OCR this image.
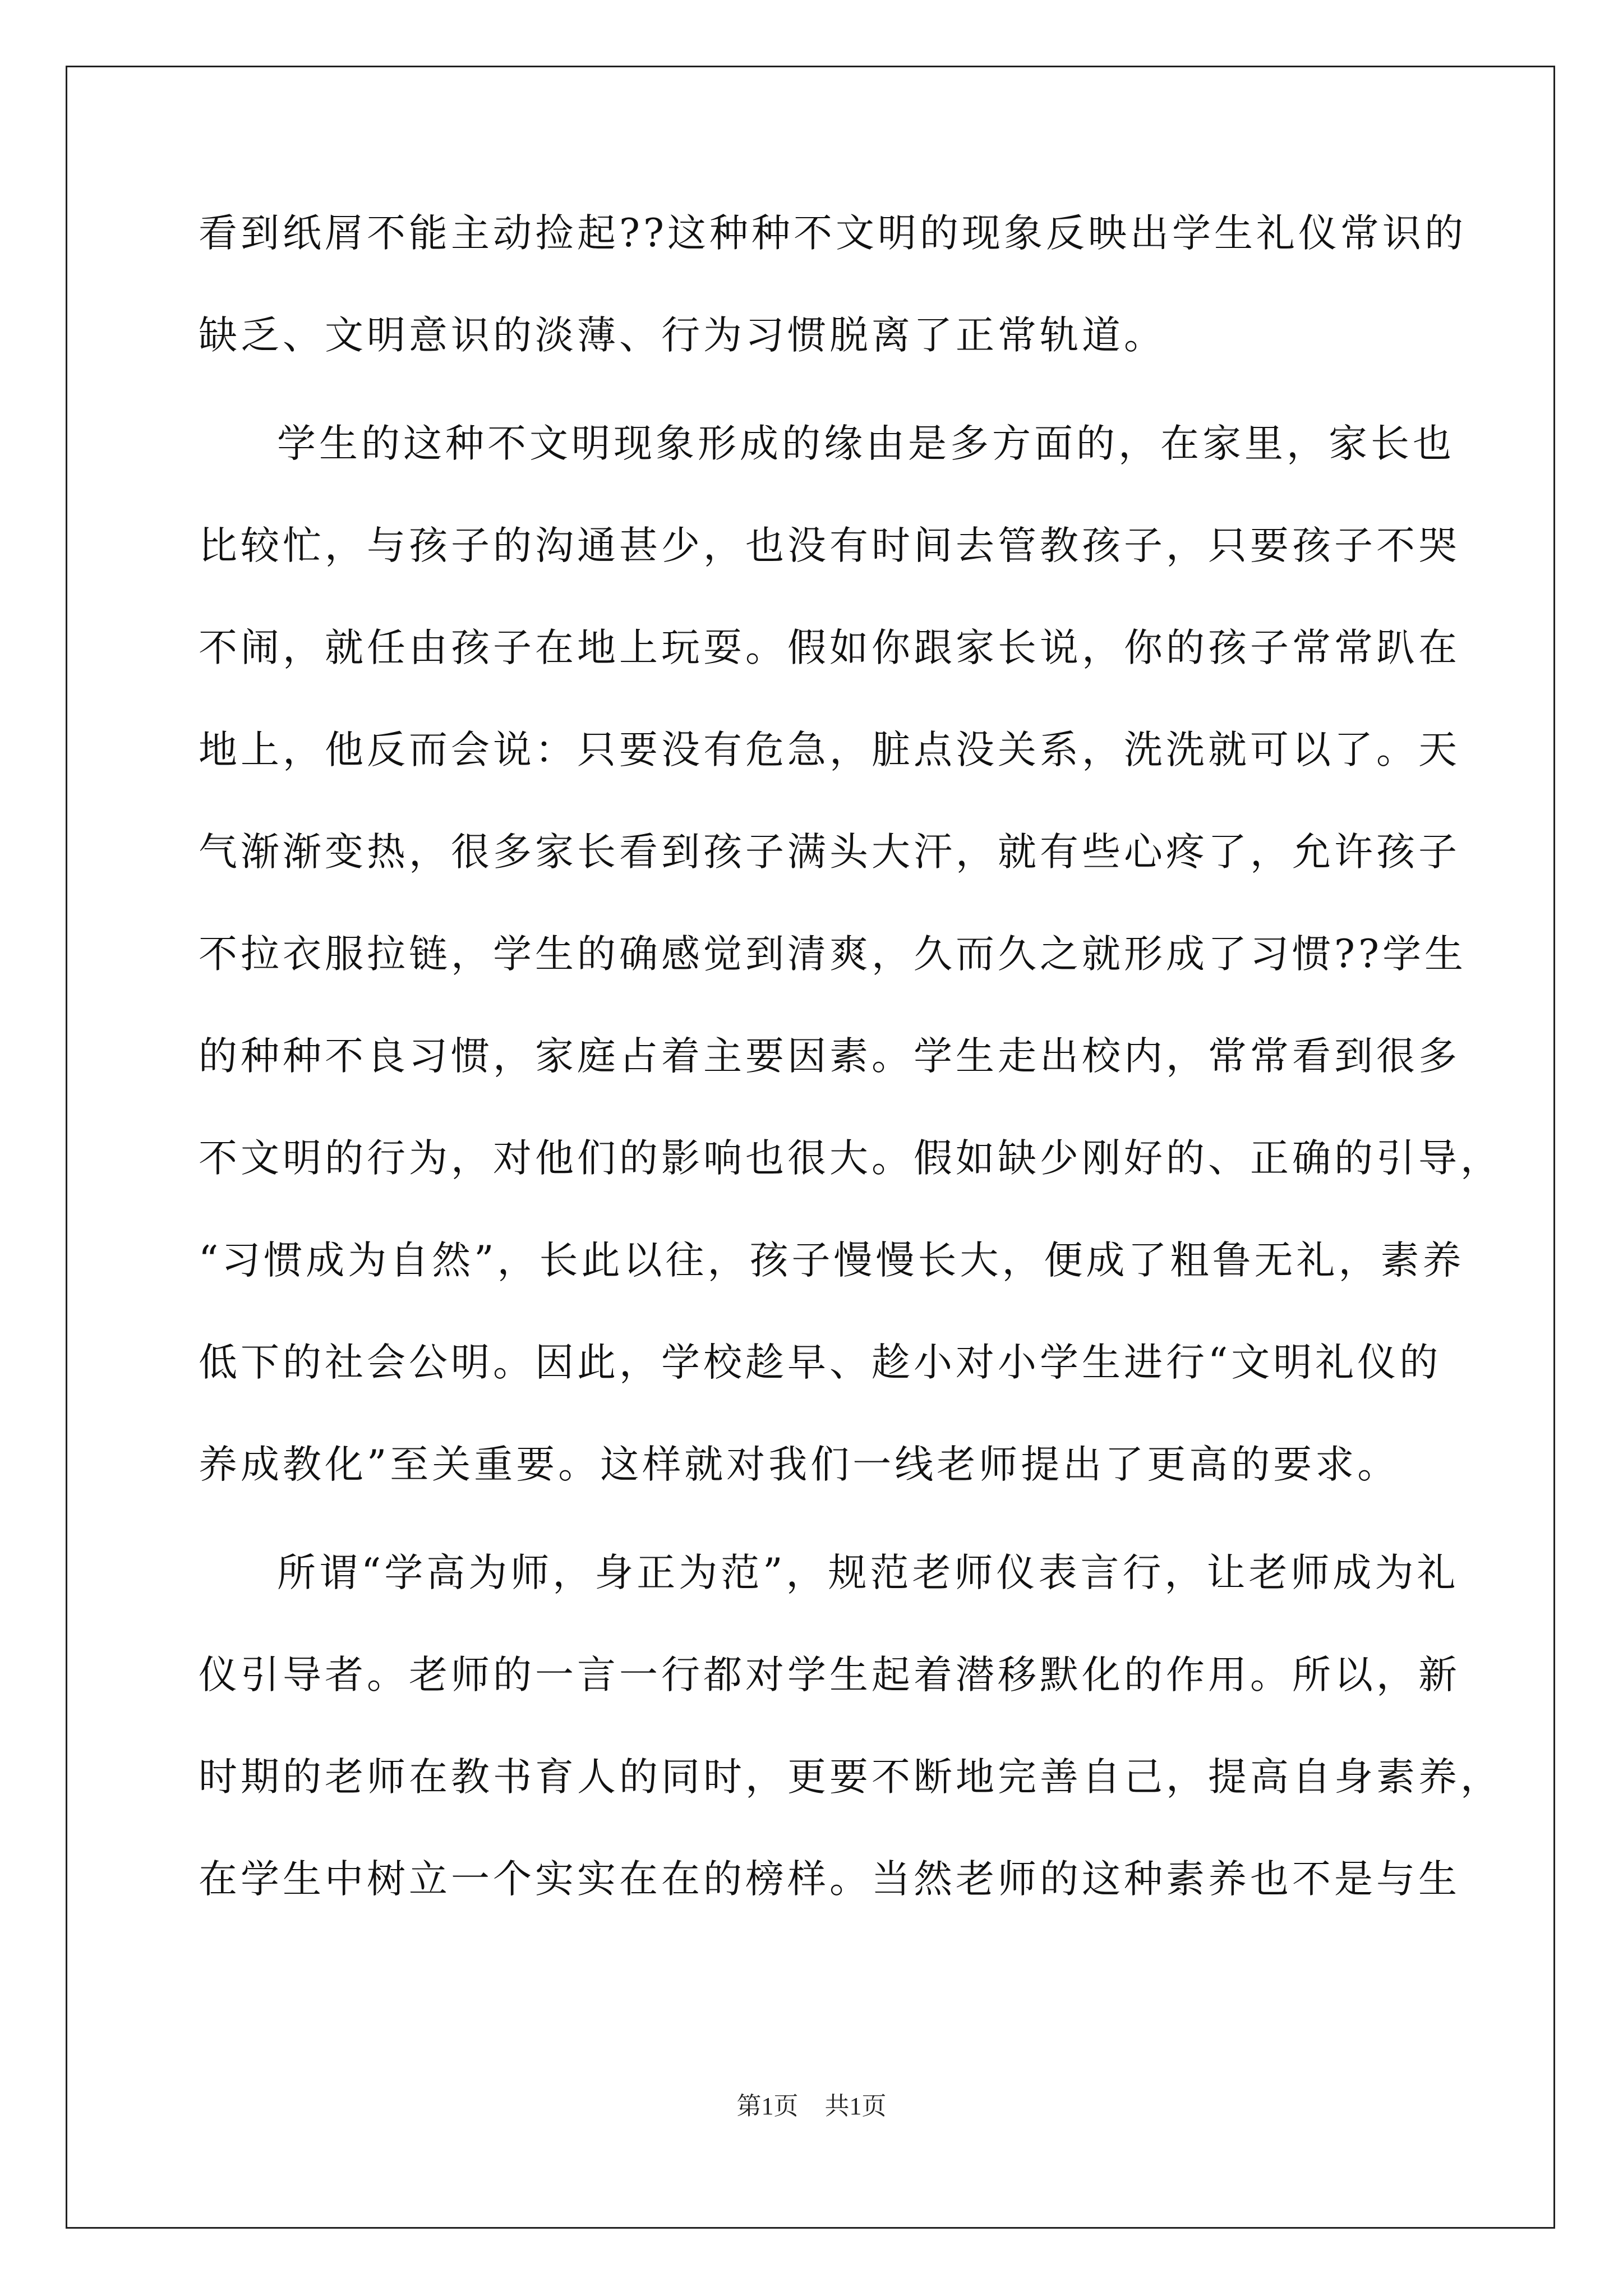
看到纸屑不能主动捡起??这种种不文明的现象反映出学生礼仪常识的
缺乏、文明意识的淡薄、行为习惯脱离了正常轨道。
学生的这种不文明现象形成的缘由是多方面的，在家里，家长也
比较忙，与孩子的沟通甚少，也没有时间去管教孩子，只要孩子不哭
不闹，就任由孩子在地上玩耍。假如你跟家长说，你的孩子常常趴在
地上，他反而会说：只要没有危急，脏点没关系，洗洗就可以了。天
气渐渐变热，很多家长看到孩子满头大汗，就有些心疼了，允许孩子
不拉衣服拉链，学生的确感觉到清爽，久而久之就形成了习惯??学生
的种种不良习惯，家庭占着主要因素。学生走出校内，常常看到很多
不文明的行为，对他们的影响也很大。假如缺少刚好的、正确的引导，
“习惯成为自然”，长此以往，孩子慢慢长大，便成了粗鲁无礼，素养
低下的社会公明。因此，学校趁早、趁小对小学生进行“文明礼仪的
养成教化”至关重要。这样就对我们一线老师提出了更高的要求。
所谓“学高为师，身正为范”，规范老师仪表言行，让老师成为礼
仪引导者。老师的一言一行都对学生起着潜移默化的作用。所以，新
时期的老师在教书育人的同时，更要不断地完善自己，提高自身素养，
在学生中树立一个实实在在的榜样。当然老师的这种素养也不是与生
第1页 共1页
